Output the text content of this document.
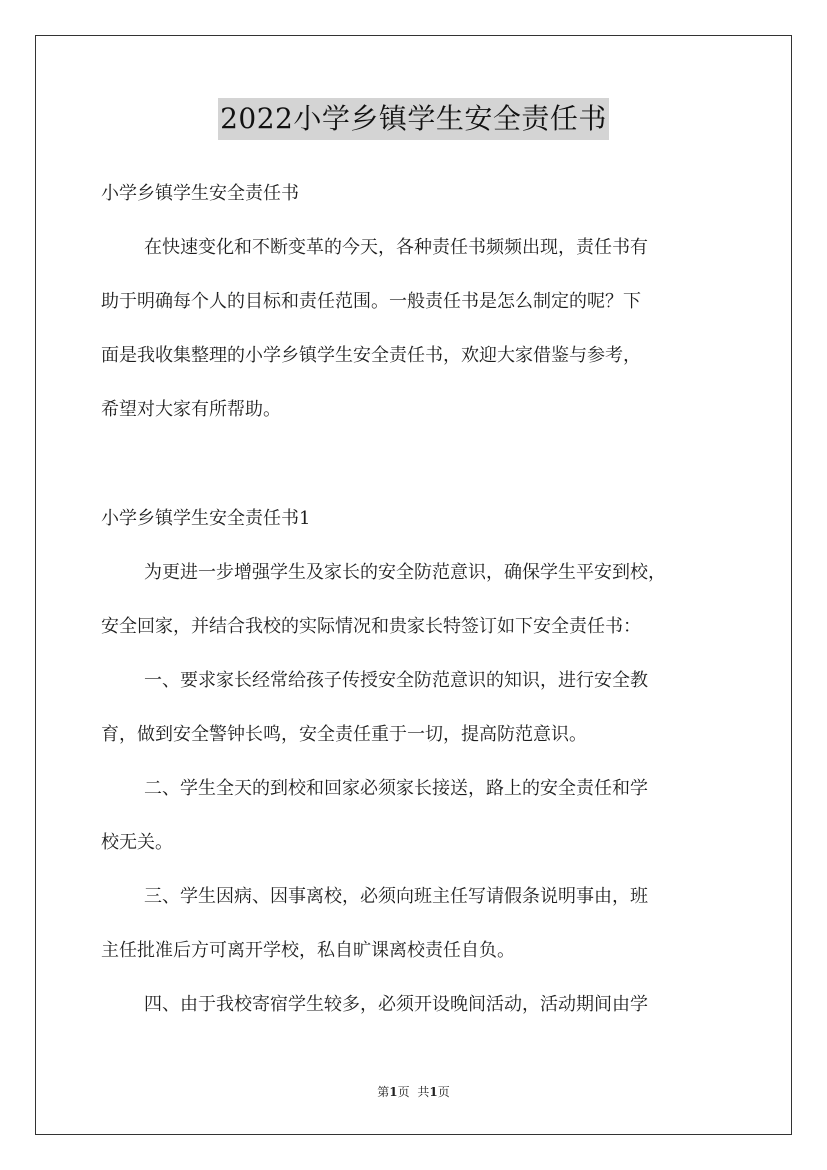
2022小学乡镇学生安全责任书
小学乡镇学生安全责任书
在快速变化和不断变革的今天，各种责任书频频出现，责任书有
助于明确每个人的目标和责任范围。一般责任书是怎么制定的呢？下
面是我收集整理的小学乡镇学生安全责任书，欢迎大家借鉴与参考，
希望对大家有所帮助。
小学乡镇学生安全责任书1
为更进一步增强学生及家长的安全防范意识，确保学生平安到校，
安全回家，并结合我校的实际情况和贵家长特签订如下安全责任书：
一、要求家长经常给孩子传授安全防范意识的知识，进行安全教
育，做到安全警钟长鸣，安全责任重于一切，提高防范意识。
二、学生全天的到校和回家必须家长接送，路上的安全责任和学
校无关。
三、学生因病、因事离校，必须向班主任写请假条说明事由，班
主任批准后方可离开学校，私自旷课离校责任自负。
四、由于我校寄宿学生较多，必须开设晚间活动，活动期间由学
第1页 共1页
